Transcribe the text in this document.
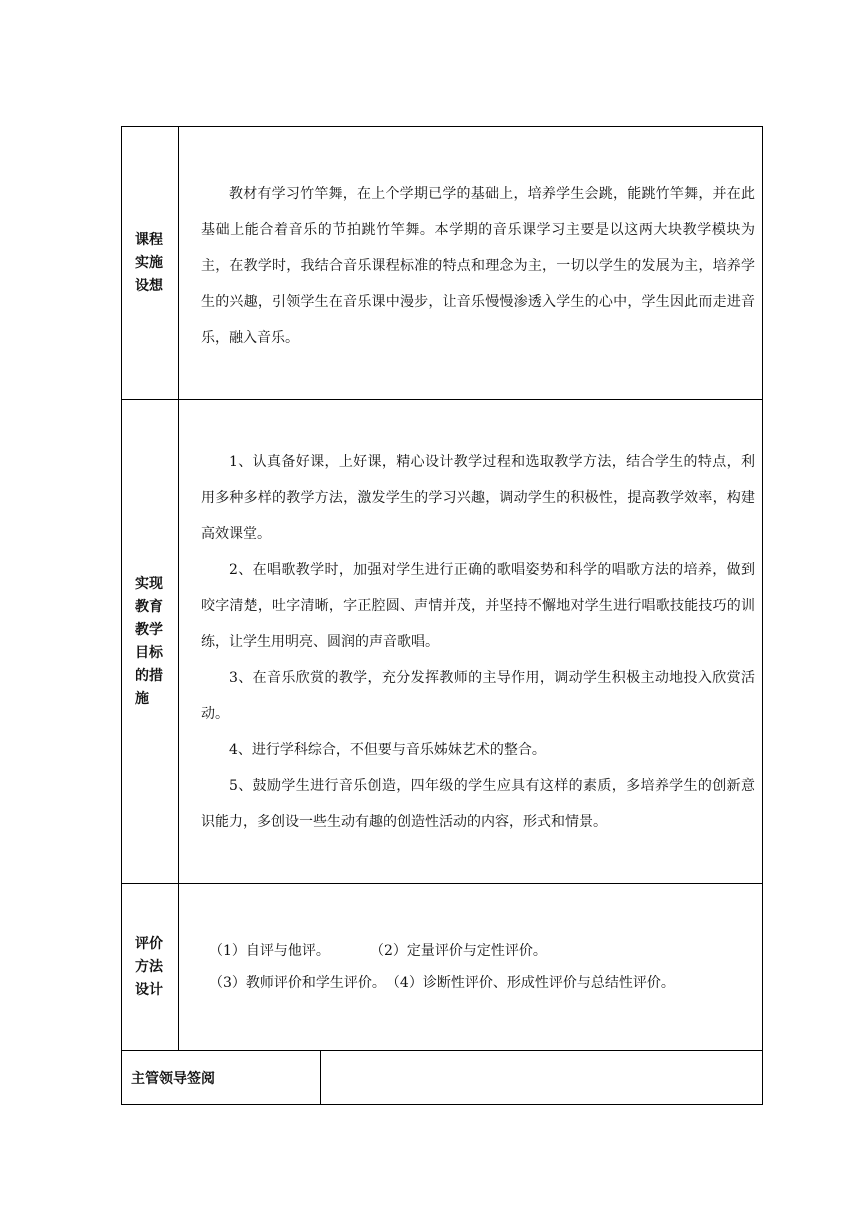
课程实施设想

教材有学习竹竿舞，在上个学期已学的基础上，培养学生会跳，能跳竹竿舞，并在此基础上能合着音乐的节拍跳竹竿舞。本学期的音乐课学习主要是以这两大块教学模块为主，在教学时，我结合音乐课程标准的特点和理念为主，一切以学生的发展为主，培养学生的兴趣，引领学生在音乐课中漫步，让音乐慢慢渗透入学生的心中，学生因此而走进音乐，融入音乐。

实现教育教学目标的措施

1、认真备好课，上好课，精心设计教学过程和选取教学方法，结合学生的特点，利用多种多样的教学方法，激发学生的学习兴趣，调动学生的积极性，提高教学效率，构建高效课堂。

2、在唱歌教学时，加强对学生进行正确的歌唱姿势和科学的唱歌方法的培养，做到咬字清楚，吐字清晰，字正腔圆、声情并茂，并坚持不懈地对学生进行唱歌技能技巧的训练，让学生用明亮、圆润的声音歌唱。

3、在音乐欣赏的教学，充分发挥教师的主导作用，调动学生积极主动地投入欣赏活动。

4、进行学科综合，不但要与音乐姊妹艺术的整合。

5、鼓励学生进行音乐创造，四年级的学生应具有这样的素质，多培养学生的创新意识能力，多创设一些生动有趣的创造性活动的内容，形式和情景。

评价方法设计
（1）自评与他评。	（2）定量评价与定性评价。
（3）教师评价和学生评价。 （4）诊断性评价、形成性评价与总结性评价。
主管领导签阅
